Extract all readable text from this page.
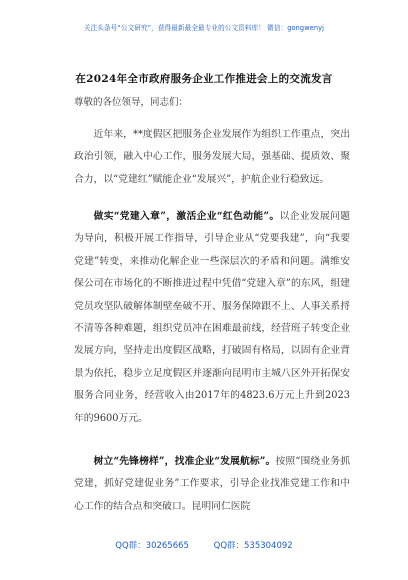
关注头条号“公文研究”，获得最新最全最专业的公文资料库！ 微信：gongwenyj
在2024年全市政府服务企业工作推进会上的交流发言
尊敬的各位领导，同志们：

近年来，**度假区把服务企业发展作为组织工作重点，突出政治引领，融入中心工作，服务发展大局，强基础、提质效、聚合力，以“党建红”赋能企业“发展兴”，护航企业行稳致远。

做实“党建入章”，激活企业“红色动能”。以企业发展问题为导向，积极开展工作指导，引导企业从“党要我建”，向“我要党建”转变，来推动化解企业一些深层次的矛盾和问题。满维安保公司在市场化的不断推进过程中凭借“党建入章”的东风，组建党员攻坚队破解体制壁垒破不开、服务保障跟不上、人事关系捋不清等各种难题，组织党员冲在困难最前线，经营班子转变企业发展方向，坚持走出度假区战略，打破固有格局，以固有企业背景为依托，稳步立足度假区并逐渐向昆明市主城八区外开拓保安服务合同业务，经营收入由2017年的4823.6万元上升到2023年的9600万元。

树立“先锋榜样”，找准企业“发展航标”。按照“围绕业务抓党建，抓好党建促业务”工作要求，引导企业找准党建工作和中心工作的结合点和突破口。昆明同仁医院

QQ群：30265665	QQ群：535304092
